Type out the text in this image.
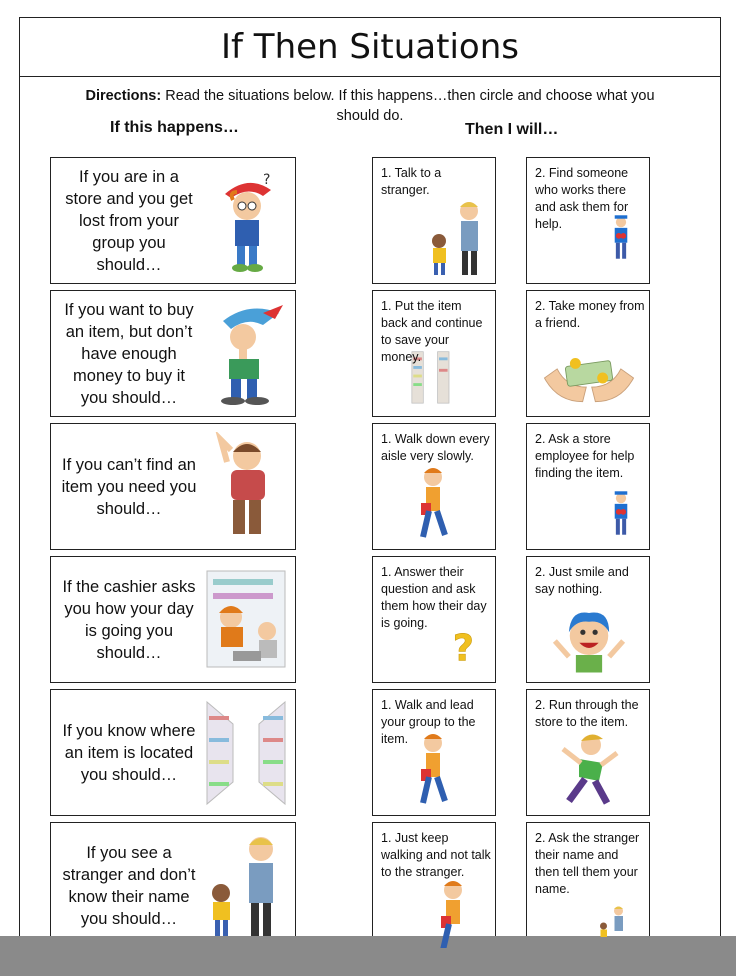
If Then Situations
Directions: Read the situations below. If this happens…then circle and choose what you should do.
If this happens…	Then I will…
If you are in a store and you get lost from your group you should…
?	1. Talk to a stranger.
2. Find someone who works there and ask them for help.
If you want to buy an item, but don’t have enough money to buy it you should…
1. Put the item back and continue to save your money.
2. Take money from a friend.
If you can’t find an item you need you should…
1. Walk down every aisle very slowly.
2. Ask a store employee for help finding the item.
If the cashier asks you how your day is going you should…
1. Answer their question and ask them how their day is going.
?
2. Just smile and say nothing.
If you know where an item is located you should…
1. Walk and lead your group to the item.
2. Run through the store to the item.
If you see a stranger and don’t know their name you should…
1. Just keep walking and not talk to the stranger.
2. Ask the stranger their name and then tell them your name.
